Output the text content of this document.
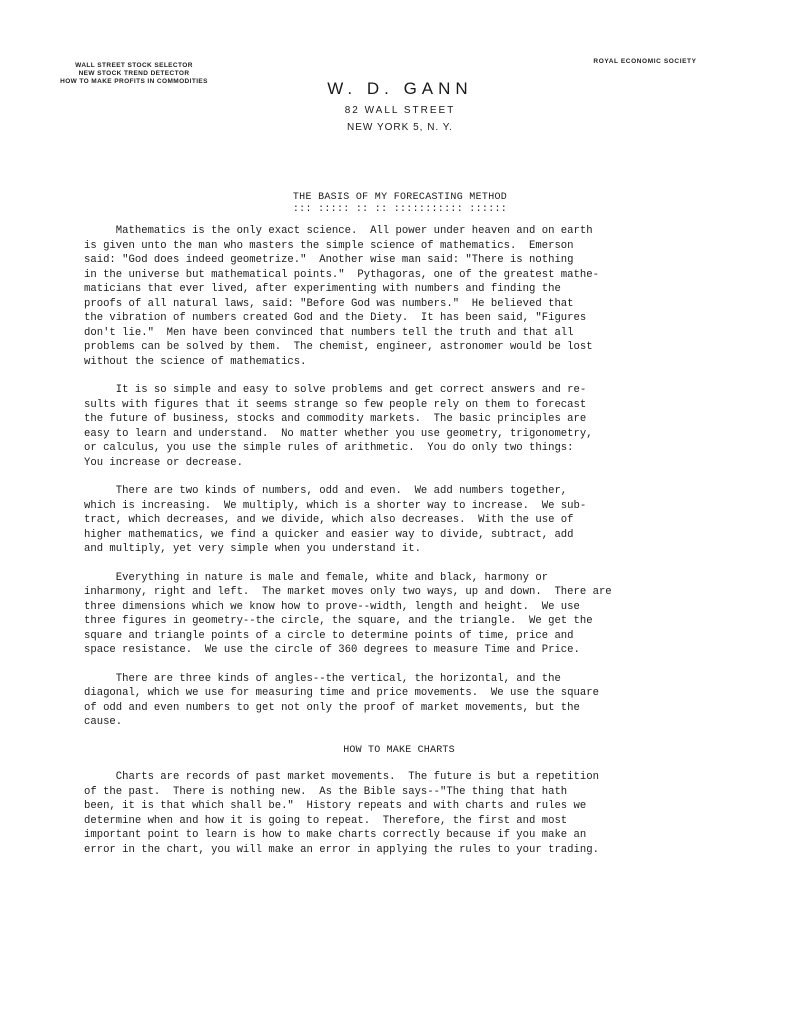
WALL STREET STOCK SELECTOR
NEW STOCK TREND DETECTOR
HOW TO MAKE PROFITS IN COMMODITIES
ROYAL ECONOMIC SOCIETY
W. D. GANN
82 WALL STREET
NEW YORK 5, N. Y.
THE BASIS OF MY FORECASTING METHOD
::: ::::: :: :: ::::::::::: ::::::
Mathematics is the only exact science.  All power under heaven and on earth
is given unto the man who masters the simple science of mathematics.  Emerson
said: "God does indeed geometrize."  Another wise man said: "There is nothing
in the universe but mathematical points."  Pythagoras, one of the greatest mathe-
maticians that ever lived, after experimenting with numbers and finding the
proofs of all natural laws, said: "Before God was numbers."  He believed that
the vibration of numbers created God and the Diety.  It has been said, "Figures
don't lie."  Men have been convinced that numbers tell the truth and that all
problems can be solved by them.  The chemist, engineer, astronomer would be lost
without the science of mathematics.
It is so simple and easy to solve problems and get correct answers and re-
sults with figures that it seems strange so few people rely on them to forecast
the future of business, stocks and commodity markets.  The basic principles are
easy to learn and understand.  No matter whether you use geometry, trigonometry,
or calculus, you use the simple rules of arithmetic.  You do only two things:
You increase or decrease.
There are two kinds of numbers, odd and even.  We add numbers together,
which is increasing.  We multiply, which is a shorter way to increase.  We sub-
tract, which decreases, and we divide, which also decreases.  With the use of
higher mathematics, we find a quicker and easier way to divide, subtract, add
and multiply, yet very simple when you understand it.
Everything in nature is male and female, white and black, harmony or
inharmony, right and left.  The market moves only two ways, up and down.  There are
three dimensions which we know how to prove--width, length and height.  We use
three figures in geometry--the circle, the square, and the triangle.  We get the
square and triangle points of a circle to determine points of time, price and
space resistance.  We use the circle of 360 degrees to measure Time and Price.
There are three kinds of angles--the vertical, the horizontal, and the
diagonal, which we use for measuring time and price movements.  We use the square
of odd and even numbers to get not only the proof of market movements, but the
cause.
HOW TO MAKE CHARTS
Charts are records of past market movements.  The future is but a repetition
of the past.  There is nothing new.  As the Bible says--"The thing that hath
been, it is that which shall be."  History repeats and with charts and rules we
determine when and how it is going to repeat.  Therefore, the first and most
important point to learn is how to make charts correctly because if you make an
error in the chart, you will make an error in applying the rules to your trading.
